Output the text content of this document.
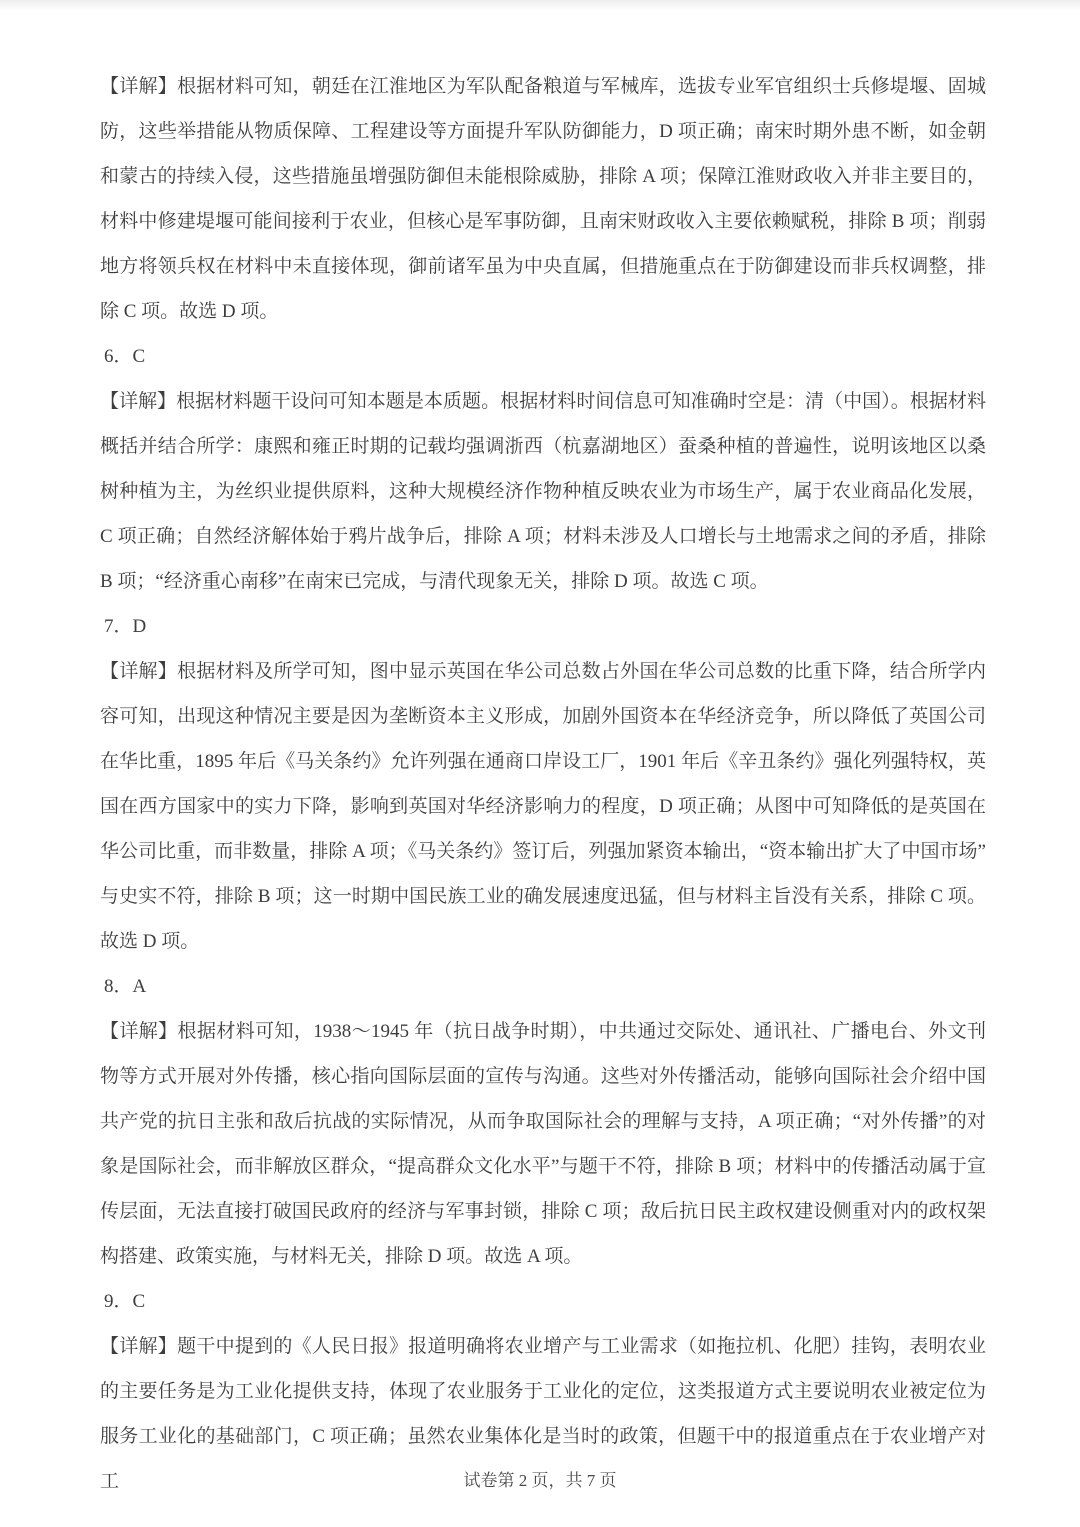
【详解】根据材料可知，朝廷在江淮地区为军队配备粮道与军械库，选拔专业军官组织士兵修堤堰、固城防，这些举措能从物质保障、工程建设等方面提升军队防御能力，D 项正确；南宋时期外患不断，如金朝和蒙古的持续入侵，这些措施虽增强防御但未能根除威胁，排除 A 项；保障江淮财政收入并非主要目的，材料中修建堤堰可能间接利于农业，但核心是军事防御，且南宋财政收入主要依赖赋税，排除 B 项；削弱地方将领兵权在材料中未直接体现，御前诸军虽为中央直属，但措施重点在于防御建设而非兵权调整，排除 C 项。故选 D 项。

6．C

【详解】根据材料题干设问可知本题是本质题。根据材料时间信息可知准确时空是：清（中国）。根据材料概括并结合所学：康熙和雍正时期的记载均强调浙西（杭嘉湖地区）蚕桑种植的普遍性，说明该地区以桑树种植为主，为丝织业提供原料，这种大规模经济作物种植反映农业为市场生产，属于农业商品化发展，C 项正确；自然经济解体始于鸦片战争后，排除 A 项；材料未涉及人口增长与土地需求之间的矛盾，排除 B 项；“经济重心南移”在南宋已完成，与清代现象无关，排除 D 项。故选 C 项。

7．D

【详解】根据材料及所学可知，图中显示英国在华公司总数占外国在华公司总数的比重下降，结合所学内容可知，出现这种情况主要是因为垄断资本主义形成，加剧外国资本在华经济竞争，所以降低了英国公司在华比重，1895 年后《马关条约》允许列强在通商口岸设工厂，1901 年后《辛丑条约》强化列强特权，英国在西方国家中的实力下降，影响到英国对华经济影响力的程度，D 项正确；从图中可知降低的是英国在华公司比重，而非数量，排除 A 项；《马关条约》签订后，列强加紧资本输出，“资本输出扩大了中国市场”与史实不符，排除 B 项；这一时期中国民族工业的确发展速度迅猛，但与材料主旨没有关系，排除 C 项。故选 D 项。

8．A

【详解】根据材料可知，1938～1945 年（抗日战争时期），中共通过交际处、通讯社、广播电台、外文刊物等方式开展对外传播，核心指向国际层面的宣传与沟通。这些对外传播活动，能够向国际社会介绍中国共产党的抗日主张和敌后抗战的实际情况，从而争取国际社会的理解与支持，A 项正确；“对外传播”的对象是国际社会，而非解放区群众，“提高群众文化水平”与题干不符，排除 B 项；材料中的传播活动属于宣传层面，无法直接打破国民政府的经济与军事封锁，排除 C 项；敌后抗日民主政权建设侧重对内的政权架构搭建、政策实施，与材料无关，排除 D 项。故选 A 项。

9．C

【详解】题干中提到的《人民日报》报道明确将农业增产与工业需求（如拖拉机、化肥）挂钩，表明农业的主要任务是为工业化提供支持，体现了农业服务于工业化的定位，这类报道方式主要说明农业被定位为服务工业化的基础部门，C 项正确；虽然农业集体化是当时的政策，但题干中的报道重点在于农业增产对工	试卷第 2 页，共 7 页
